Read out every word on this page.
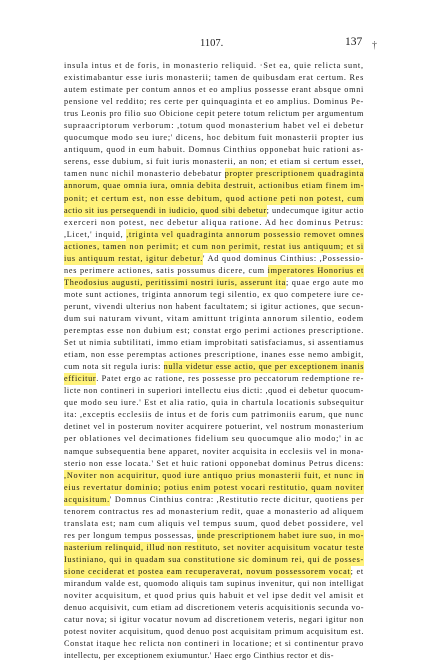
1107.	137 †
insula intus et de foris, in monasterio reliquid. ·Set ea, quie relicta sunt,
existimabantur esse iuris monasterii; tamen de quibusdam erat certum. Res
autem estimate per contum annos et eo amplius possesse erant absque omni
pensione vel reddito; res certe per quinquaginta et eo amplius. Dominus Pe-
trus Leonis pro filio suo Obicione cepit petere totum relictum per argumentum
supraacriptorum verborum: ,totum quod monasterium habet vel ei debetur
quocumque modo seu iure;' dicens, hoc debitum fuit monasterii propter ius
antiquum, quod in eum habuit. Domnus Cinthius opponebat huic rationi as-
serens, esse dubium, si fuit iuris monasterii, an non; et etiam si certum esset,
tamen nunc nichil monasterio debebatur propter prescriptionem quadraginta
annorum, quae omnia iura, omnia debita destruit, actionibus etiam finem im-
ponit; et certum est, non esse debitum, quod actione peti non potest, cum
actio sit ius persequendi in iudicio, quod sibi debetur ; undecumque igitur actio
exerceri non potest, nec debetur aliqua ratione. Ad hec dominus Petrus:
,Licet,' inquid, ,triginta vel quadraginta annorum possessio removet omnes
actiones, tamen non perimit; et cum non perimit, restat ius antiquum; et si
ius antiquum restat, igitur debetur. ' Ad quod dominus Cinthius: ,Possessio-
nes perimere actiones, satis possumus dicere, cum imperatores Honorius et
Theodosius augusti, peritissimi nostri iuris, asserunt ita ; quae ergo aute mo
mote sunt actiones, triginta annorum tegi silentio, ex quo competere iure ce-
perunt, vivendi ulterius non habent facultatem; si igitur actiones, que secun-
dum sui naturam vivunt, vitam amittunt triginta annorum silentio, eodem
peremptas esse non dubium est; constat ergo perimi actiones prescriptione.
Set ut nimia subtilitati, immo etiam improbitati satisfaciamus, si assentiamus
etiam, non esse peremptas actiones prescriptione, inanes esse nemo ambigit,
cum nota sit regula iuris: nulla videtur esse actio, que per exceptionem inanis
efficitur . Patet ergo ac ratione, res possesse pro peccatorum redemptione re-
licte non contineri in superiori intellectu eius dicti: ,quod ei debetur quocum-
que modo seu iure.' Est et alia ratio, quia in chartula locationis subsequitur
ita: ,exceptis ecclesiis de intus et de foris cum patrimoniis earum, que nunc
detinet vel in posterum noviter acquirere potuerint, vel nostrum monasterium
per oblationes vel decimationes fidelium seu quocumque alio modo;' in ac
namque subsequentia bene apparet, noviter acquisita in ecclesiis vel in mona-
sterio non esse locata.' Set et huic rationi opponebat dominus Petrus dicens:
,Noviter non acquiritur, quod iure antiquo prius monasterii fuit, et nunc in
eius revertatur dominio; potius enim potest vocari restitutio, quam noviter
acquisitum. ' Domnus Cinthius contra: ,Restitutio recte dicitur, quotiens per
tenorem contractus res ad monasterium redit, quae a monasterio ad aliquem
translata est; nam cum aliquis vel tempus suum, quod debet possidere, vel
res per longum tempus possessas, unde prescriptionem habet iure suo, in mo-
nasterium relinquid, illud non restituto, set noviter acquisitum vocatur teste
Iustiniano, qui in quadam sua constitutione sic dominum rei, qui de posses-
sione ceciderat et postea eam recuperaverat, novum possessorem vocat ; et
mirandum valde est, quomodo aliquis tam supinus invenitur, qui non intelligat
noviter acquisitum, et quod prius quis habuit et vel ipse dedit vel amisit et
denuo acquisivit, cum etiam ad discretionem veteris acquisitionis secunda vo-
catur nova; si igitur vocatur novum ad discretionem veteris, negari igitur non
potest noviter acquisitum, quod denuo post acquisitam primum acquisitum est.
Constat itaque hec relicta non contineri in locatione; et si continentur pravo
intellectu, per exceptionem exiumuntur.' Haec ergo Cinthius rector et dis-
